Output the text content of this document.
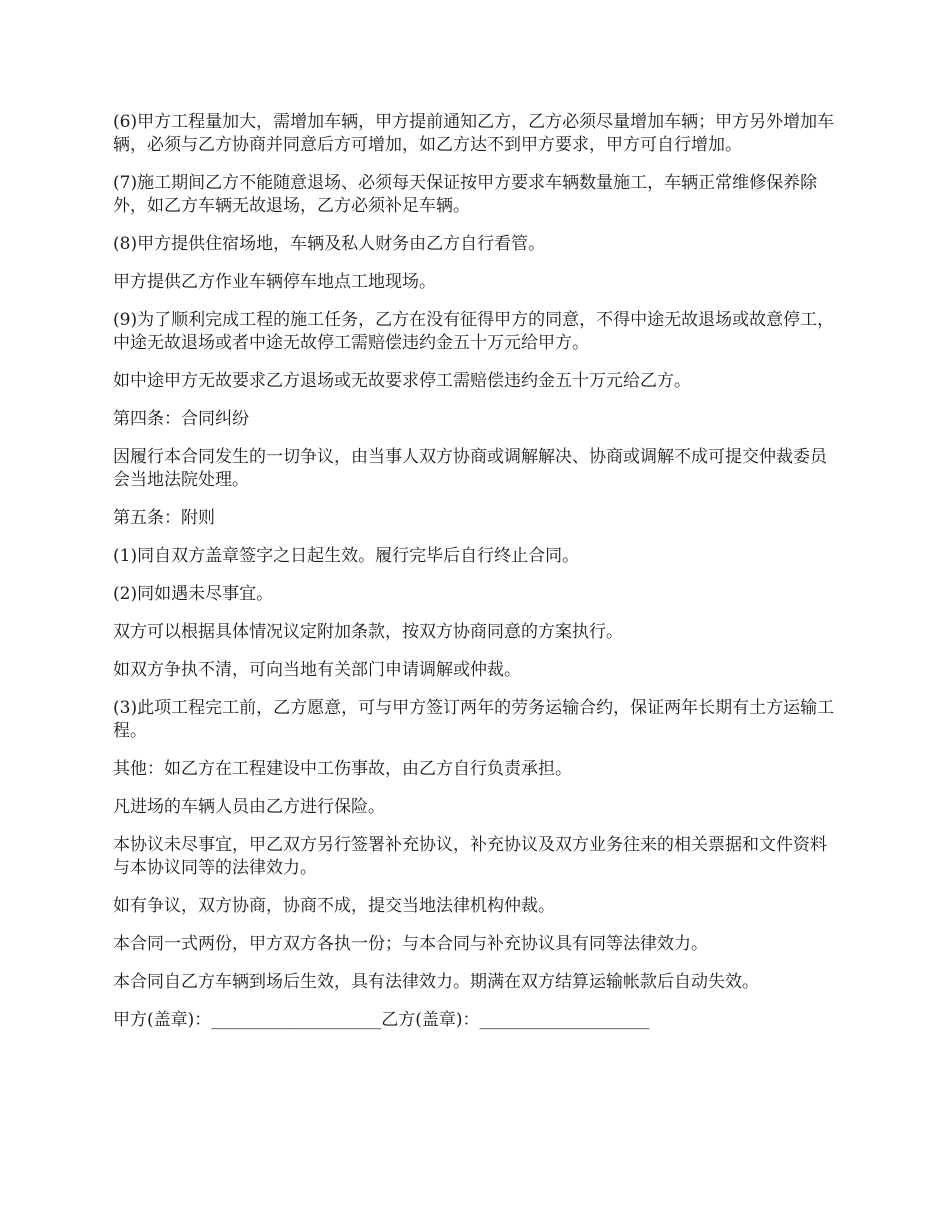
(6)甲方工程量加大，需增加车辆，甲方提前通知乙方，乙方必须尽量增加车辆；甲方另外增加车辆，必须与乙方协商并同意后方可增加，如乙方达不到甲方要求，甲方可自行增加。

(7)施工期间乙方不能随意退场、必须每天保证按甲方要求车辆数量施工，车辆正常维修保养除外，如乙方车辆无故退场，乙方必须补足车辆。

(8)甲方提供住宿场地，车辆及私人财务由乙方自行看管。

甲方提供乙方作业车辆停车地点工地现场。

(9)为了顺利完成工程的施工任务，乙方在没有征得甲方的同意，不得中途无故退场或故意停工，中途无故退场或者中途无故停工需赔偿违约金五十万元给甲方。

如中途甲方无故要求乙方退场或无故要求停工需赔偿违约金五十万元给乙方。

第四条：合同纠纷

因履行本合同发生的一切争议，由当事人双方协商或调解解决、协商或调解不成可提交仲裁委员会当地法院处理。

第五条：附则

(1)同自双方盖章签字之日起生效。履行完毕后自行终止合同。

(2)同如遇未尽事宜。

双方可以根据具体情况议定附加条款，按双方协商同意的方案执行。

如双方争执不清，可向当地有关部门申请调解或仲裁。

(3)此项工程完工前，乙方愿意，可与甲方签订两年的劳务运输合约，保证两年长期有土方运输工程。

其他：如乙方在工程建设中工伤事故，由乙方自行负责承担。

凡进场的车辆人员由乙方进行保险。

本协议未尽事宜，甲乙双方另行签署补充协议，补充协议及双方业务往来的相关票据和文件资料与本协议同等的法律效力。

如有争议，双方协商，协商不成，提交当地法律机构仲裁。

本合同一式两份，甲方双方各执一份；与本合同与补充协议具有同等法律效力。

本合同自乙方车辆到场后生效，具有法律效力。期满在双方结算运输帐款后自动失效。

甲方(盖章)：____________________乙方(盖章)：____________________
